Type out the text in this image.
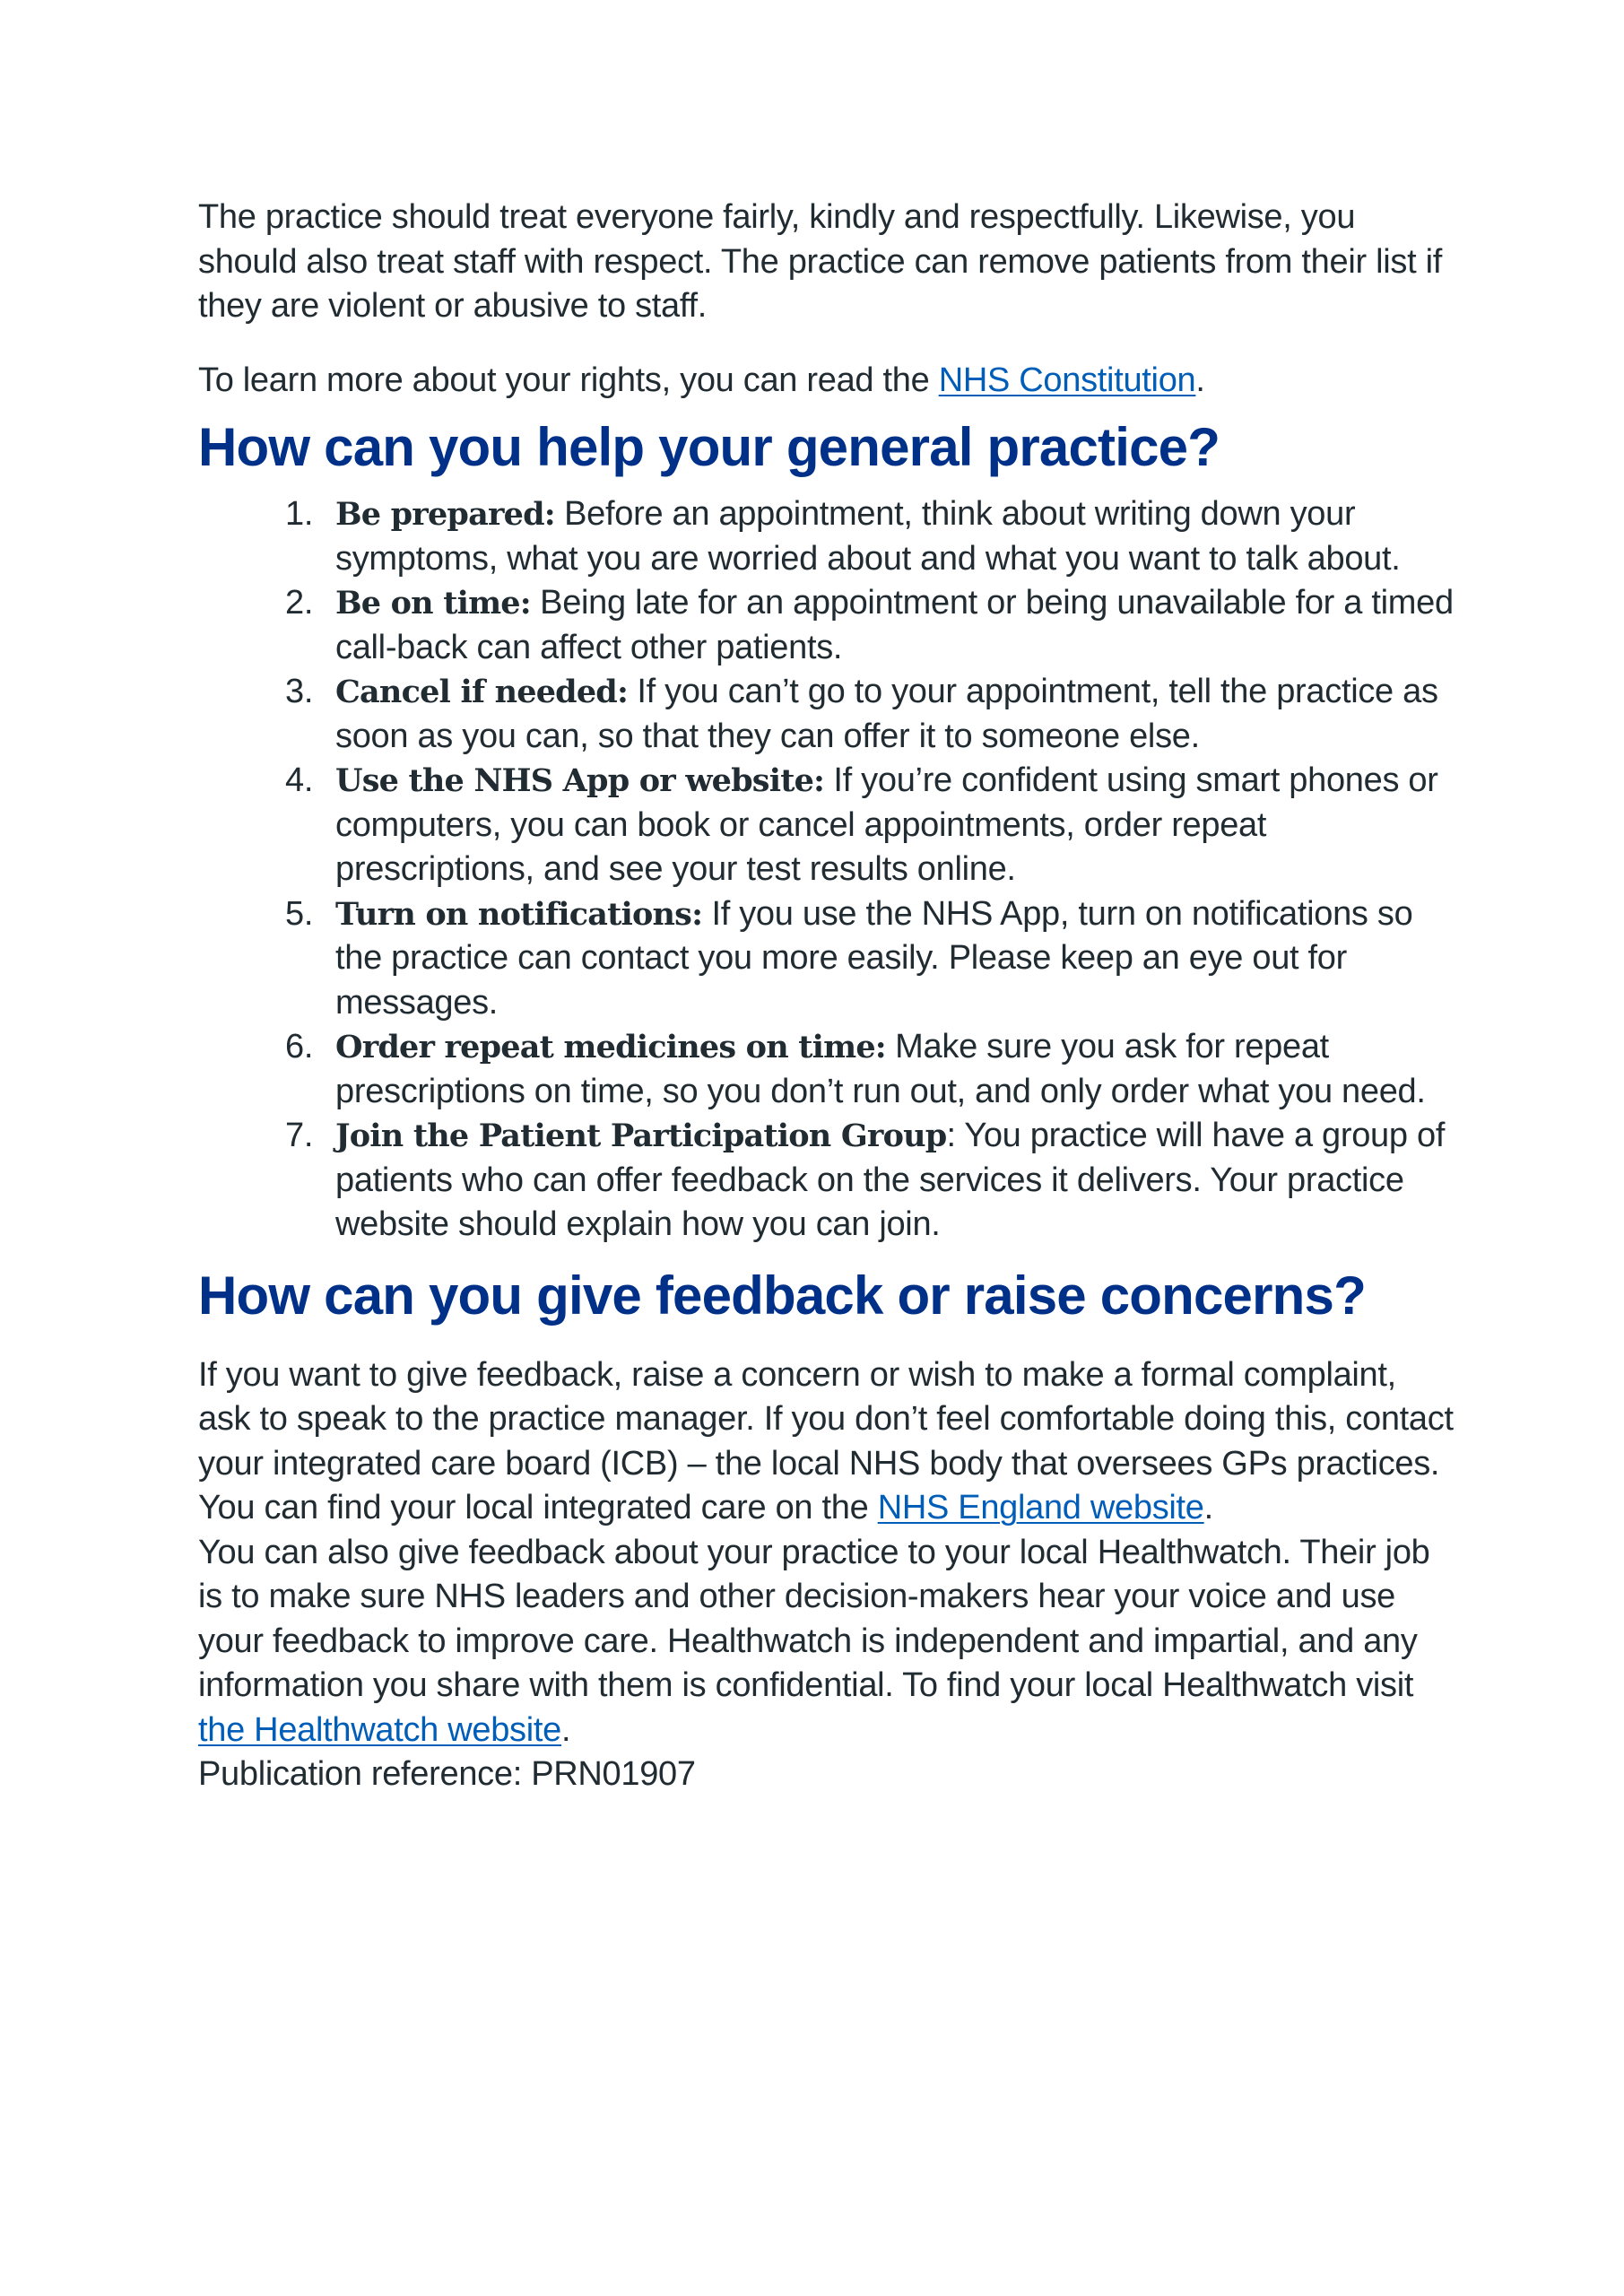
The practice should treat everyone fairly, kindly and respectfully. Likewise, you should also treat staff with respect. The practice can remove patients from their list if they are violent or abusive to staff.

To learn more about your rights, you can read the NHS Constitution.

How can you help your general practice?
1. Be prepared: Before an appointment, think about writing down your symptoms, what you are worried about and what you want to talk about.
2. Be on time: Being late for an appointment or being unavailable for a timed call-back can affect other patients.
3. Cancel if needed: If you can’t go to your appointment, tell the practice as soon as you can, so that they can offer it to someone else.
4. Use the NHS App or website: If you’re confident using smart phones or computers, you can book or cancel appointments, order repeat prescriptions, and see your test results online.
5. Turn on notifications: If you use the NHS App, turn on notifications so the practice can contact you more easily. Please keep an eye out for messages.
6. Order repeat medicines on time: Make sure you ask for repeat prescriptions on time, so you don’t run out, and only order what you need.
7. Join the Patient Participation Group: You practice will have a group of patients who can offer feedback on the services it delivers. Your practice website should explain how you can join.
How can you give feedback or raise concerns?

If you want to give feedback, raise a concern or wish to make a formal complaint, ask to speak to the practice manager. If you don’t feel comfortable doing this, contact your integrated care board (ICB) – the local NHS body that oversees GPs practices. You can find your local integrated care on the NHS England website.

You can also give feedback about your practice to your local Healthwatch. Their job is to make sure NHS leaders and other decision-makers hear your voice and use your feedback to improve care. Healthwatch is independent and impartial, and any information you share with them is confidential. To find your local Healthwatch visit the Healthwatch website.

Publication reference: PRN01907
